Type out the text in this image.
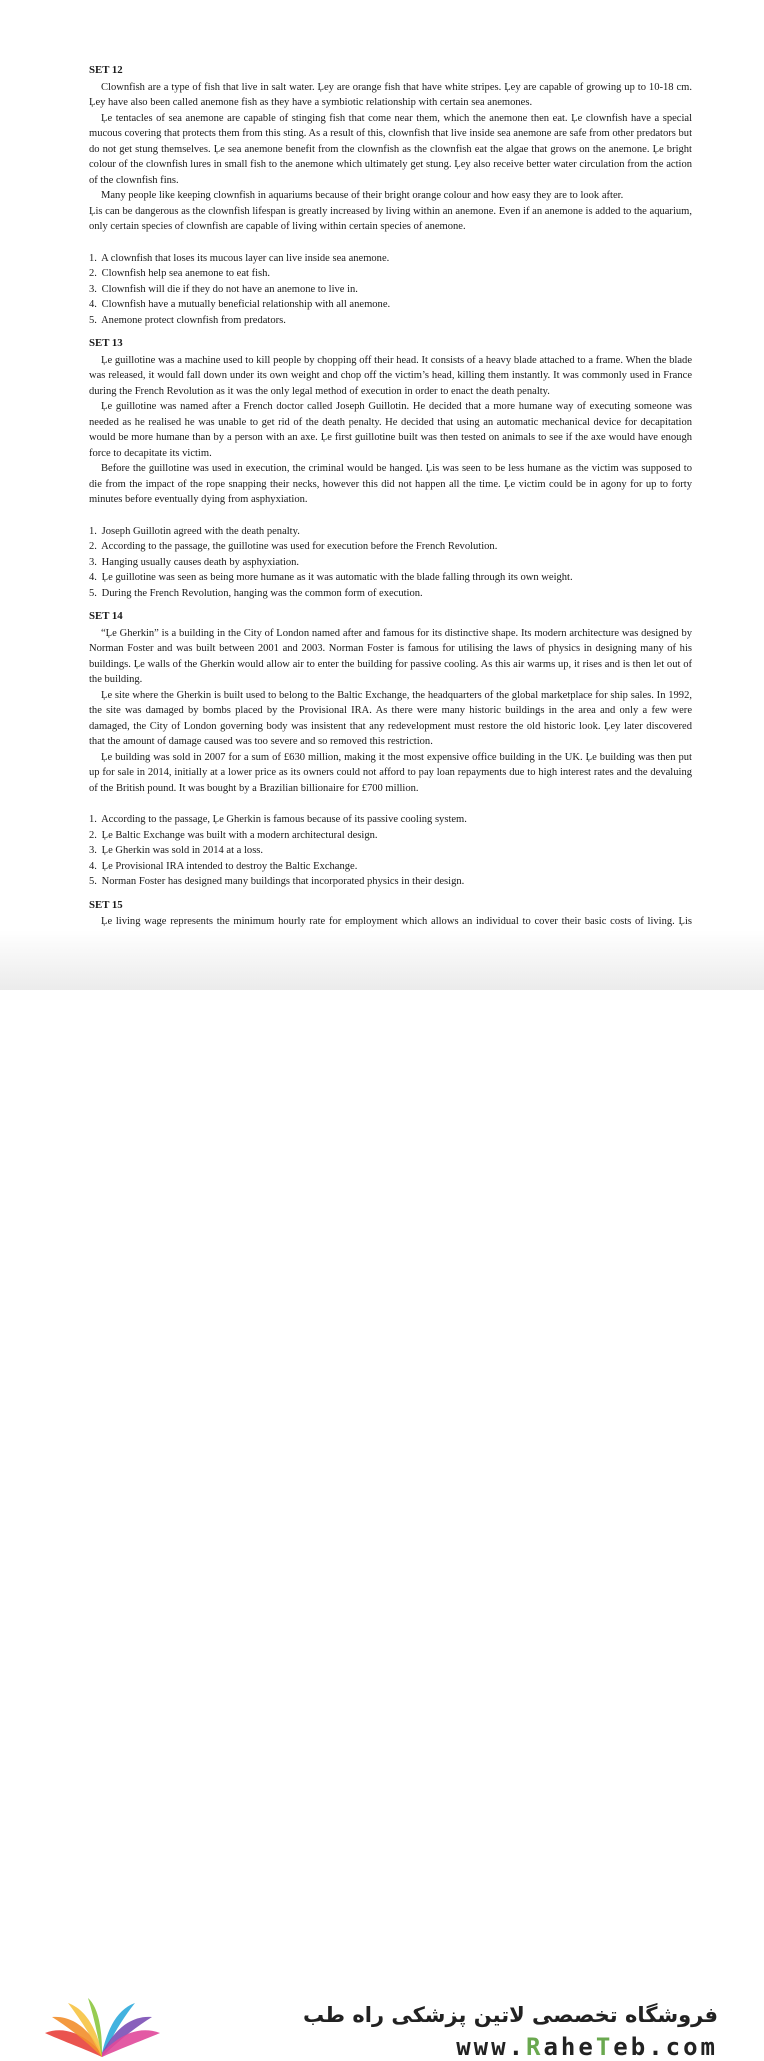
SET 12

Clownfish are a type of fish that live in salt water. Ļey are orange fish that have white stripes. Ļey are capable of growing up to 10-18 cm. Ļey have also been called anemone fish as they have a symbiotic relationship with certain sea anemones.

Ļe tentacles of sea anemone are capable of stinging fish that come near them, which the anemone then eat. Ļe clownfish have a special mucous covering that protects them from this sting. As a result of this, clownfish that live inside sea anemone are safe from other predators but do not get stung themselves. Ļe sea anemone benefit from the clownfish as the clownfish eat the algae that grows on the anemone. Ļe bright colour of the clownfish lures in small fish to the anemone which ultimately get stung. Ļey also receive better water circulation from the action of the clownfish fins.

Many people like keeping clownfish in aquariums because of their bright orange colour and how easy they are to look after.

Ļis can be dangerous as the clownfish lifespan is greatly increased by living within an anemone. Even if an anemone is added to the aquarium, only certain species of clownfish are capable of living within certain species of anemone.

1. A clownfish that loses its mucous layer can live inside sea anemone.
2. Clownfish help sea anemone to eat fish.
3. Clownfish will die if they do not have an anemone to live in.
4. Clownfish have a mutually beneficial relationship with all anemone.
5. Anemone protect clownfish from predators.

SET 13

Ļe guillotine was a machine used to kill people by chopping off their head. It consists of a heavy blade attached to a frame. When the blade was released, it would fall down under its own weight and chop off the victim’s head, killing them instantly. It was commonly used in France during the French Revolution as it was the only legal method of execution in order to enact the death penalty.

Ļe guillotine was named after a French doctor called Joseph Guillotin. He decided that a more humane way of executing someone was needed as he realised he was unable to get rid of the death penalty. He decided that using an automatic mechanical device for decapitation would be more humane than by a person with an axe. Ļe first guillotine built was then tested on animals to see if the axe would have enough force to decapitate its victim.

Before the guillotine was used in execution, the criminal would be hanged. Ļis was seen to be less humane as the victim was supposed to die from the impact of the rope snapping their necks, however this did not happen all the time. Ļe victim could be in agony for up to forty minutes before eventually dying from asphyxiation.

1. Joseph Guillotin agreed with the death penalty.
2. According to the passage, the guillotine was used for execution before the French Revolution.
3. Hanging usually causes death by asphyxiation.
4. Ļe guillotine was seen as being more humane as it was automatic with the blade falling through its own weight.
5. During the French Revolution, hanging was the common form of execution.

SET 14

“Ļe Gherkin” is a building in the City of London named after and famous for its distinctive shape. Its modern architecture was designed by Norman Foster and was built between 2001 and 2003. Norman Foster is famous for utilising the laws of physics in designing many of his buildings. Ļe walls of the Gherkin would allow air to enter the building for passive cooling. As this air warms up, it rises and is then let out of the building.

Ļe site where the Gherkin is built used to belong to the Baltic Exchange, the headquarters of the global marketplace for ship sales. In 1992, the site was damaged by bombs placed by the Provisional IRA. As there were many historic buildings in the area and only a few were damaged, the City of London governing body was insistent that any redevelopment must restore the old historic look. Ļey later discovered that the amount of damage caused was too severe and so removed this restriction.

Ļe building was sold in 2007 for a sum of £630 million, making it the most expensive office building in the UK. Ļe building was then put up for sale in 2014, initially at a lower price as its owners could not afford to pay loan repayments due to high interest rates and the devaluing of the British pound. It was bought by a Brazilian billionaire for £700 million.

1. According to the passage, Ļe Gherkin is famous because of its passive cooling system.
2. Ļe Baltic Exchange was built with a modern architectural design.
3. Ļe Gherkin was sold in 2014 at a loss.
4. Ļe Provisional IRA intended to destroy the Baltic Exchange.
5. Norman Foster has designed many buildings that incorporated physics in their design.

SET 15

Ļe living wage represents the minimum hourly rate for employment which allows an individual to cover their basic costs of living. Ļis

فروشگاه تخصصی لاتین پزشکی راه طب
www.RaheTeb.com
